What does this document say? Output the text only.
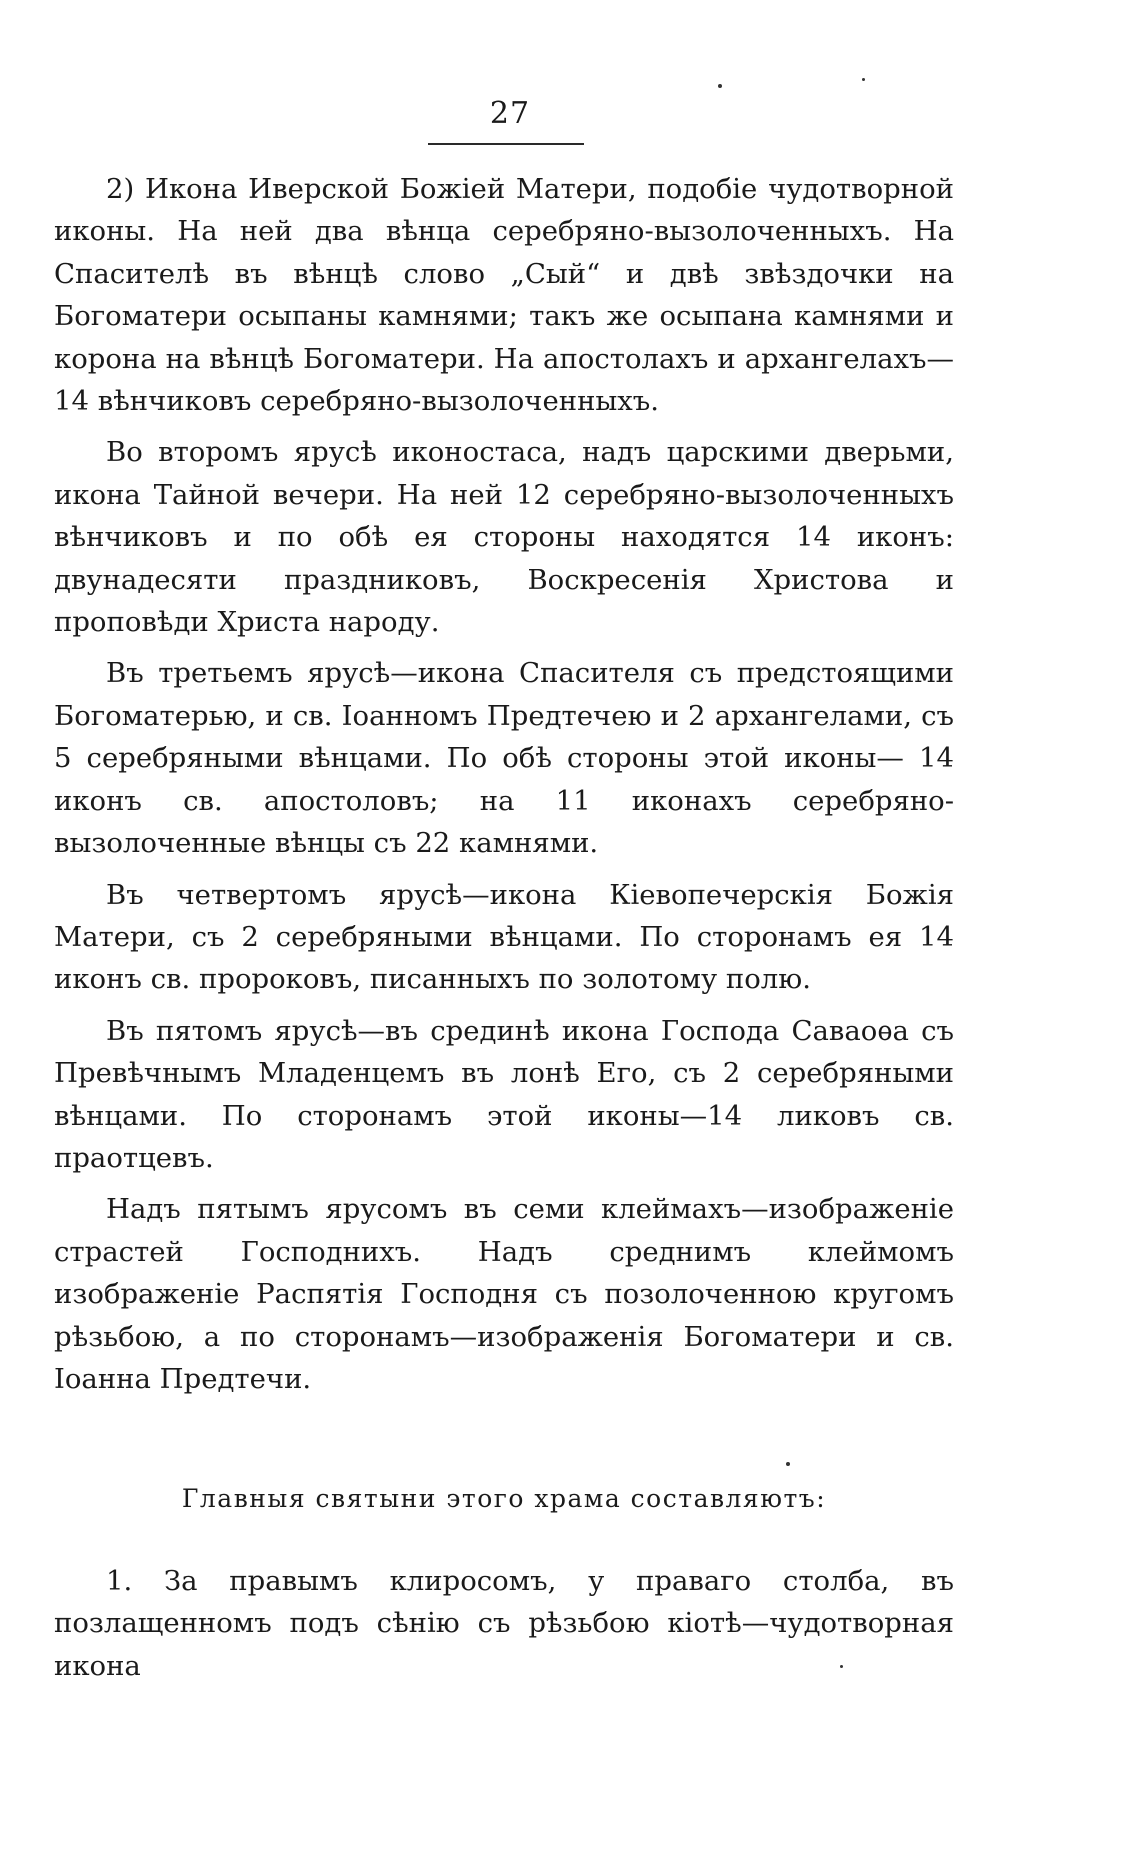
27

2) Икона Иверской Божіей Матери, подобіе чудотворной иконы. На ней два вѣнца серебряно-вызолоченныхъ. На Спасителѣ въ вѣнцѣ слово „Сый“ и двѣ звѣздочки на Богоматери осыпаны камнями; такъ же осыпана камнями и корона на вѣнцѣ Богоматери. На апостолахъ и архангелахъ— 14 вѣнчиковъ серебряно-вызолоченныхъ.

Во второмъ ярусѣ иконостаса, надъ царскими дверьми, икона Тайной вечери. На ней 12 серебряно-вызолоченныхъ вѣнчиковъ и по обѣ ея стороны находятся 14 иконъ: двунадесяти праздниковъ, Воскресенія Христова и проповѣди Христа народу.

Въ третьемъ ярусѣ—икона Спасителя съ предстоящими Богоматерью, и св. Іоанномъ Предтечею и 2 архангелами, съ 5 серебряными вѣнцами. По обѣ стороны этой иконы— 14 иконъ св. апостоловъ; на 11 иконахъ серебряно-вызолоченные вѣнцы съ 22 камнями.

Въ четвертомъ ярусѣ—икона Кіевопечерскія Божія Матери, съ 2 серебряными вѣнцами. По сторонамъ ея 14 иконъ св. пророковъ, писанныхъ по золотому полю.

Въ пятомъ ярусѣ—въ срединѣ икона Господа Саваоѳа съ Превѣчнымъ Младенцемъ въ лонѣ Его, съ 2 серебряными вѣнцами. По сторонамъ этой иконы—14 ликовъ св. праотцевъ.

Надъ пятымъ ярусомъ въ семи клеймахъ—изображеніе страстей Господнихъ. Надъ среднимъ клеймомъ изображеніе Распятія Господня съ позолоченною кругомъ рѣзьбою, а по сторонамъ—изображенія Богоматери и св. Іоанна Предтечи.

Главныя святыни этого храма составляютъ:

1. За правымъ клиросомъ, у праваго столба, въ позлащенномъ подъ сѣнію съ рѣзьбою кіотѣ—чудотворная икона
